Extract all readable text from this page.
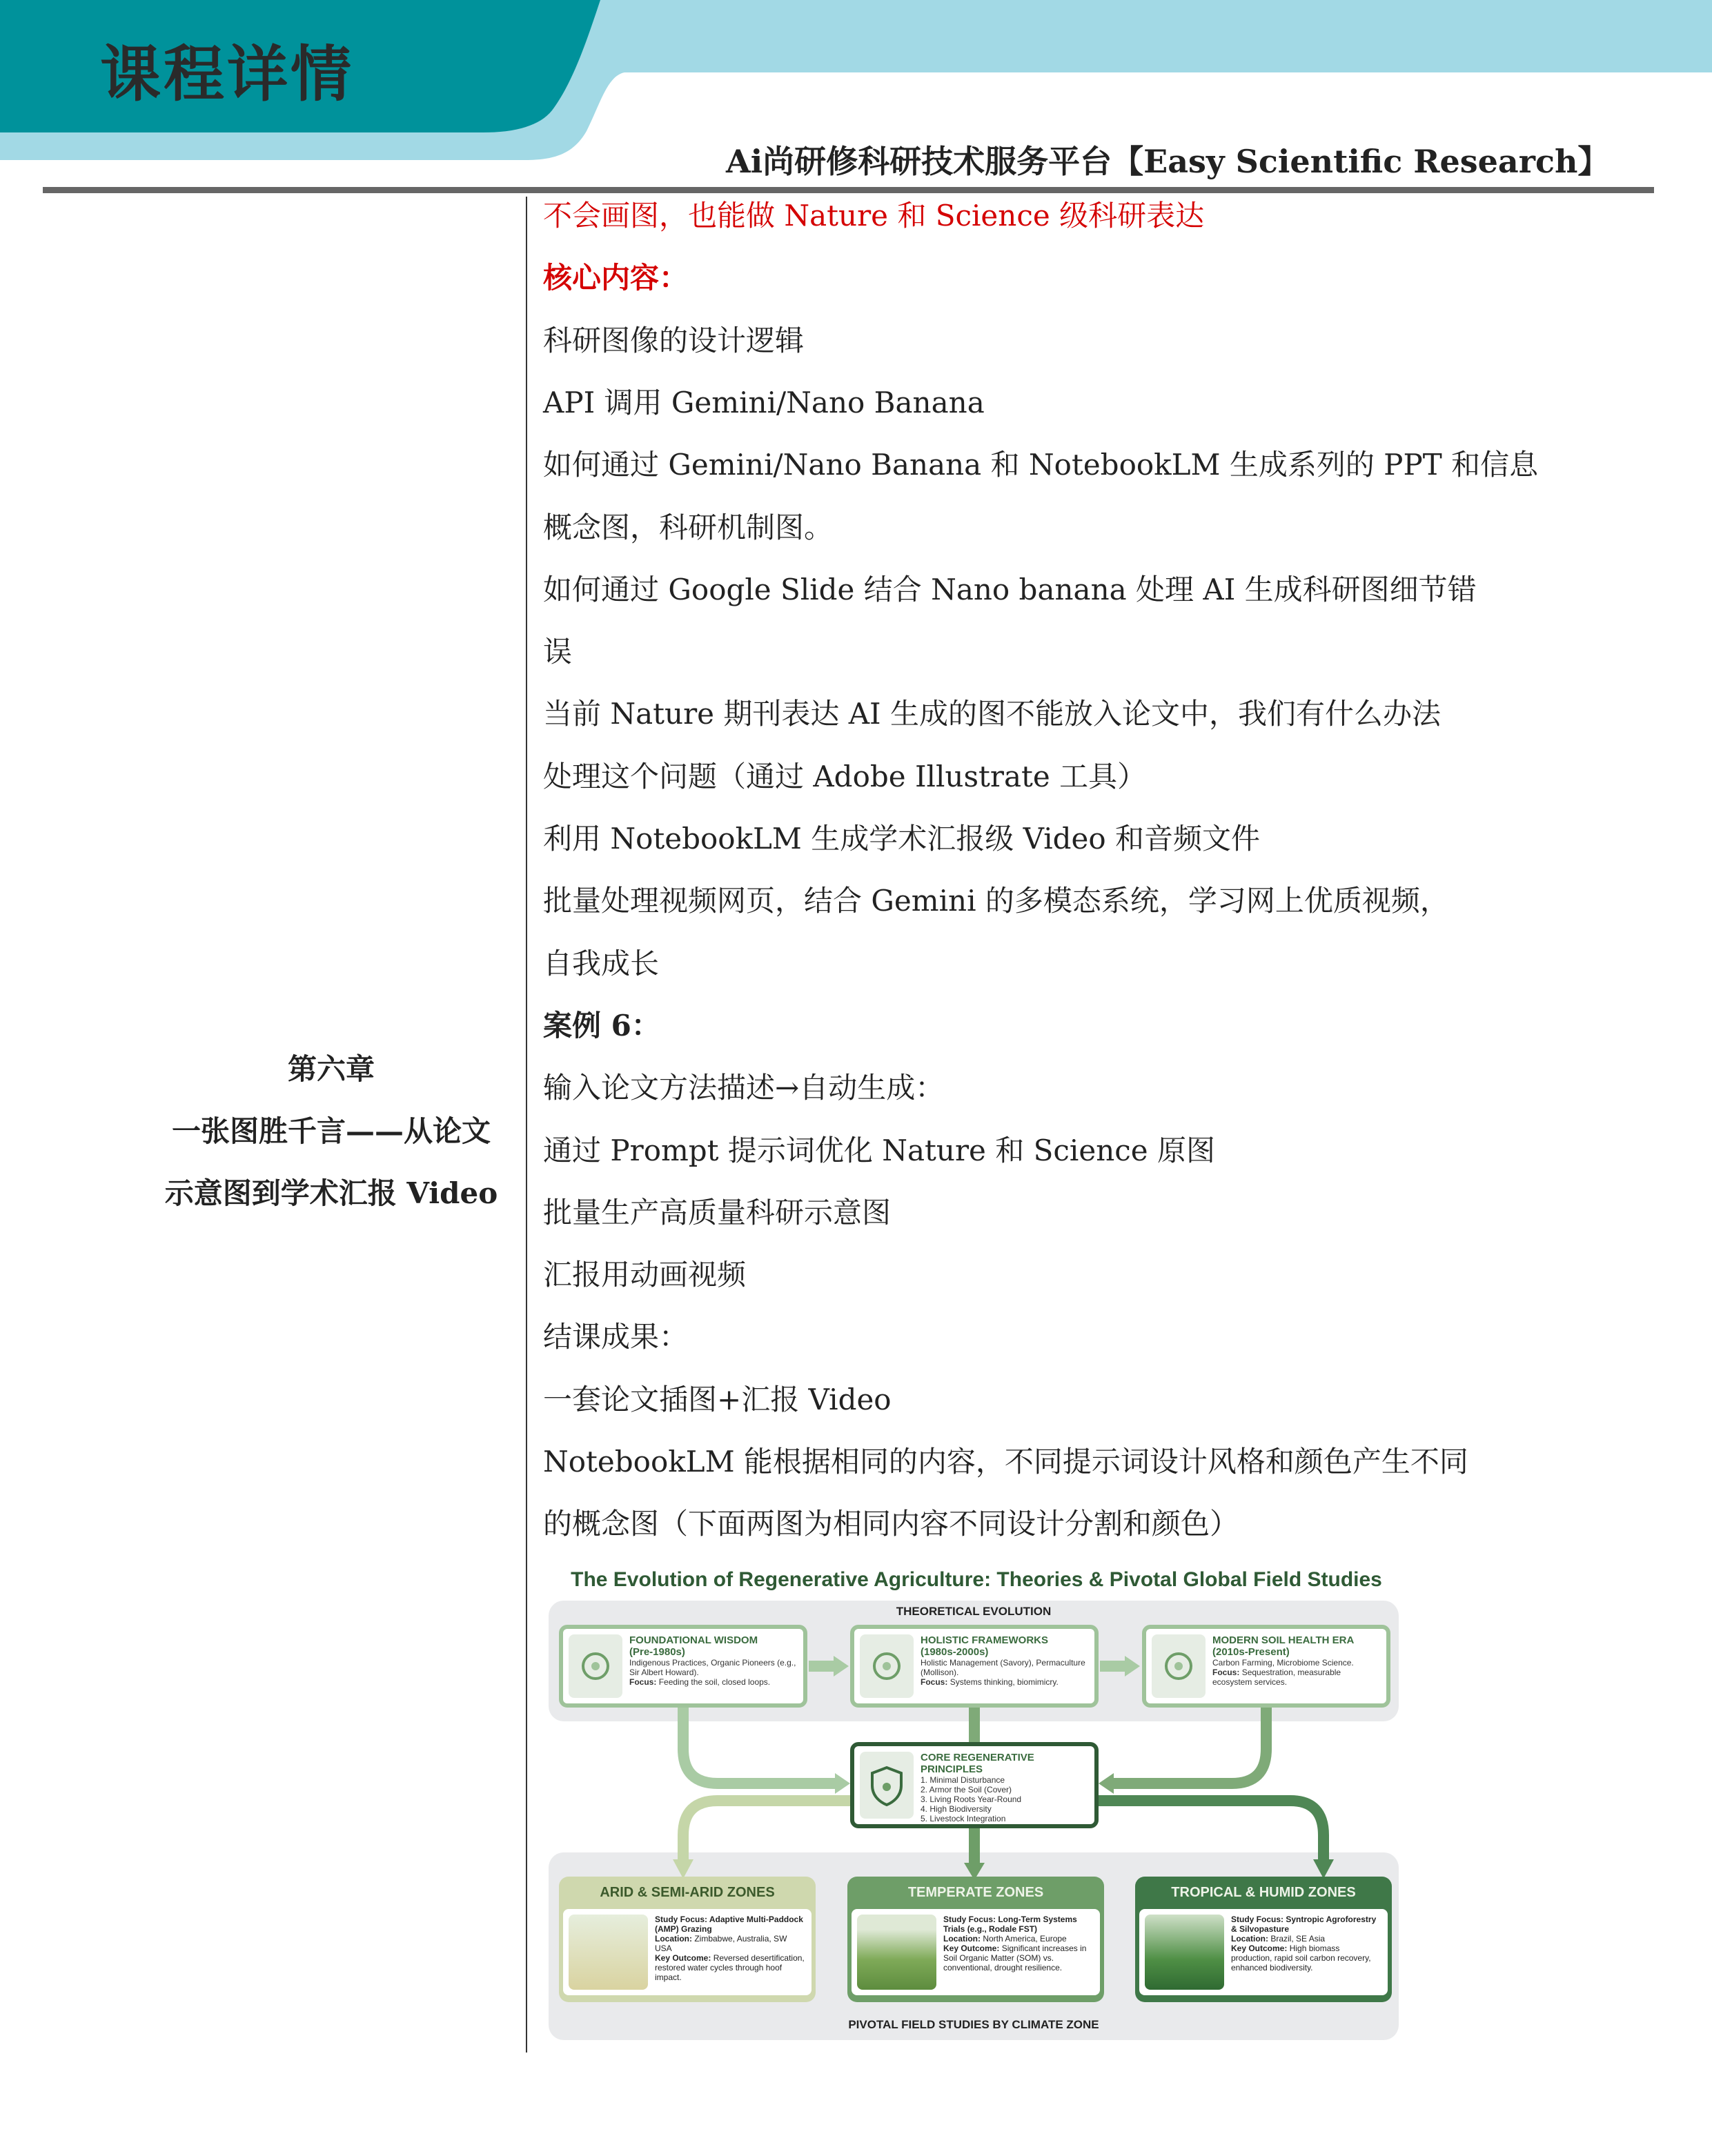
课程详情
Ai尚研修科研技术服务平台【Easy Scientific Research】
第六章
一张图胜千言——从论文
示意图到学术汇报 Video
不会画图，也能做 Nature 和 Science 级科研表达
核心内容：
科研图像的设计逻辑
API 调用 Gemini/Nano Banana
如何通过 Gemini/Nano Banana 和 NotebookLM 生成系列的 PPT 和信息
概念图，科研机制图。
如何通过 Google Slide 结合 Nano banana 处理 AI 生成科研图细节错
误
当前 Nature 期刊表达 AI 生成的图不能放入论文中，我们有什么办法
处理这个问题（通过 Adobe Illustrate 工具）
利用 NotebookLM 生成学术汇报级 Video 和音频文件
批量处理视频网页，结合 Gemini 的多模态系统，学习网上优质视频，
自我成长
案例 6：
输入论文方法描述→自动生成：
通过 Prompt 提示词优化 Nature 和 Science 原图
批量生产高质量科研示意图
汇报用动画视频
结课成果：
一套论文插图+汇报 Video
NotebookLM 能根据相同的内容，不同提示词设计风格和颜色产生不同
的概念图（下面两图为相同内容不同设计分割和颜色）
The Evolution of Regenerative Agriculture: Theories & Pivotal Global Field Studies
THEORETICAL EVOLUTION
PIVOTAL FIELD STUDIES BY CLIMATE ZONE
FOUNDATIONAL WISDOM
(Pre-1980s)

Indigenous Practices, Organic Pioneers (e.g., Sir Albert Howard).

Focus: Feeding the soil, closed loops.

HOLISTIC FRAMEWORKS
(1980s-2000s)

Holistic Management (Savory), Permaculture (Mollison).

Focus: Systems thinking, biomimicry.

MODERN SOIL HEALTH ERA
(2010s-Present)

Carbon Farming, Microbiome Science.

Focus: Sequestration, measurable ecosystem services.

CORE REGENERATIVE PRINCIPLES

1. Minimal Disturbance

2. Armor the Soil (Cover)

3. Living Roots Year-Round

4. High Biodiversity

5. Livestock Integration

ARID & SEMI-ARID ZONES

Study Focus: Adaptive Multi-Paddock (AMP) Grazing

Location: Zimbabwe, Australia, SW USA

Key Outcome: Reversed desertification, restored water cycles through hoof impact.

TEMPERATE ZONES

Study Focus: Long-Term Systems Trials (e.g., Rodale FST)

Location: North America, Europe

Key Outcome: Significant increases in Soil Organic Matter (SOM) vs. conventional, drought resilience.

TROPICAL & HUMID ZONES

Study Focus: Syntropic Agroforestry & Silvopasture

Location: Brazil, SE Asia

Key Outcome: High biomass production, rapid soil carbon recovery, enhanced biodiversity.
